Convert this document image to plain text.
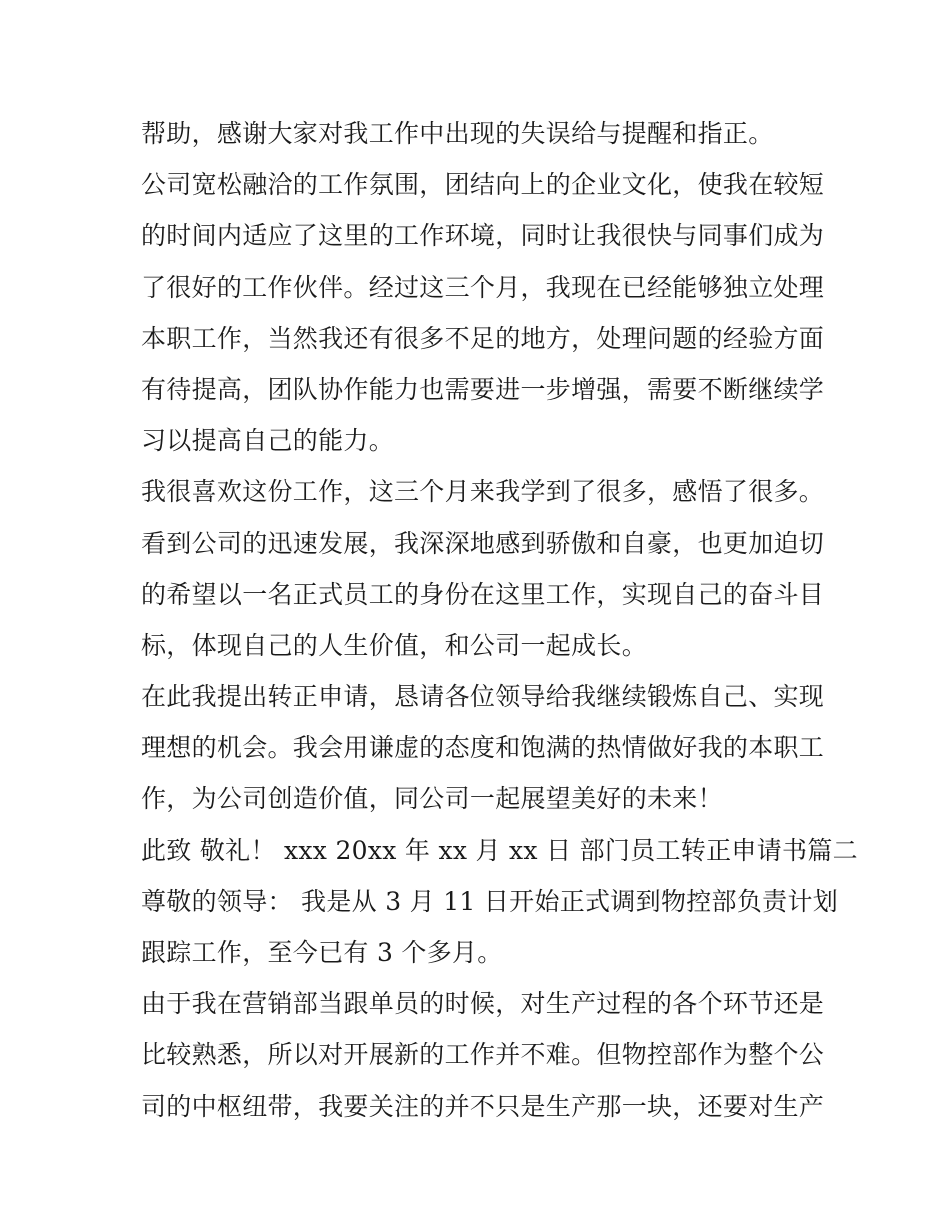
帮助，感谢大家对我工作中出现的失误给与提醒和指正。
公司宽松融洽的工作氛围，团结向上的企业文化，使我在较短
的时间内适应了这里的工作环境，同时让我很快与同事们成为
了很好的工作伙伴。经过这三个月，我现在已经能够独立处理
本职工作，当然我还有很多不足的地方，处理问题的经验方面
有待提高，团队协作能力也需要进一步增强，需要不断继续学
习以提高自己的能力。
我很喜欢这份工作，这三个月来我学到了很多，感悟了很多。
看到公司的迅速发展，我深深地感到骄傲和自豪，也更加迫切
的希望以一名正式员工的身份在这里工作，实现自己的奋斗目
标，体现自己的人生价值，和公司一起成长。
在此我提出转正申请，恳请各位领导给我继续锻炼自己、实现
理想的机会。我会用谦虚的态度和饱满的热情做好我的本职工
作，为公司创造价值，同公司一起展望美好的未来！
此致 敬礼！ xxx 20xx 年 xx 月 xx 日 部门员工转正申请书篇二
尊敬的领导： 我是从 3 月 11 日开始正式调到物控部负责计划
跟踪工作，至今已有 3 个多月。
由于我在营销部当跟单员的时候，对生产过程的各个环节还是
比较熟悉，所以对开展新的工作并不难。但物控部作为整个公
司的中枢纽带，我要关注的并不只是生产那一块，还要对生产
